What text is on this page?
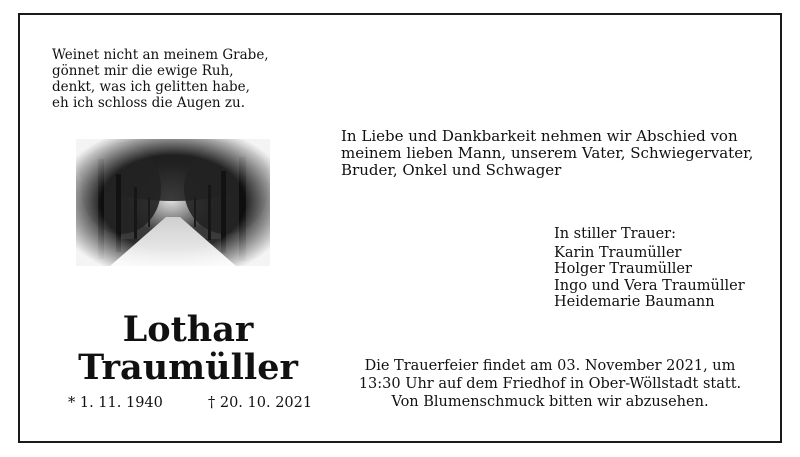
Weinet nicht an meinem Grabe,
gönnet mir die ewige Ruh,
denkt, was ich gelitten habe,
eh ich schloss die Augen zu.
In Liebe und Dankbarkeit nehmen wir Abschied von
meinem lieben Mann, unserem Vater, Schwiegervater,
Bruder, Onkel und Schwager
In stiller Trauer:
Karin Traumüller
Holger Traumüller
Ingo und Vera Traumüller
Heidemarie Baumann
Lothar
Traumüller
* 1. 11. 1940	† 20. 10. 2021
Die Trauerfeier findet am 03. November 2021, um
13:30 Uhr auf dem Friedhof in Ober-Wöllstadt statt.
Von Blumenschmuck bitten wir abzusehen.
